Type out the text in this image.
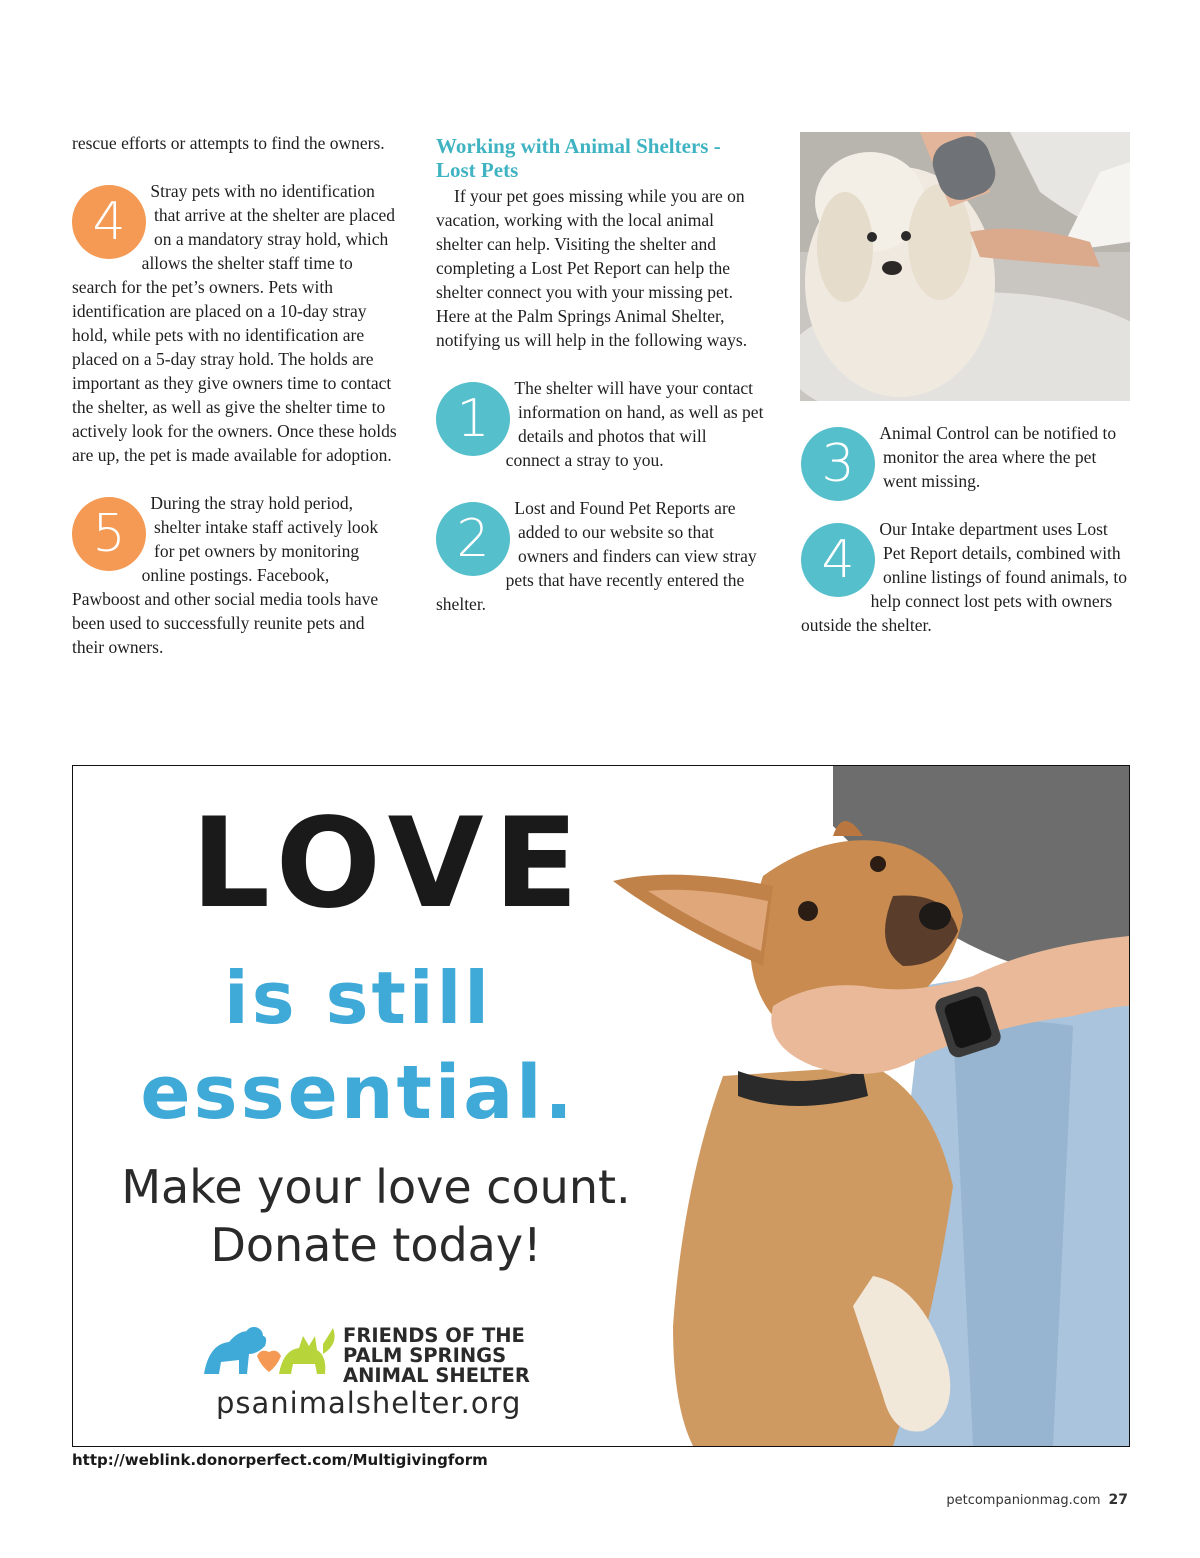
rescue efforts or attempts to find the owners.

4

Stray pets with no identification that arrive at the shelter are placed on a mandatory stray hold, which allows the shelter staff time to search for the pet’s owners. Pets with identification are placed on a 10-day stray hold, while pets with no identification are placed on a 5-day stray hold. The holds are important as they give owners time to contact the shelter, as well as give the shelter time to actively look for the owners. Once these holds are up, the pet is made available for adoption.

5

During the stray hold period, shelter intake staff actively look for pet owners by monitoring online postings. Facebook, Pawboost and other social media tools have been used to successfully reunite pets and their owners.

Working with Animal Shelters - Lost Pets

If your pet goes missing while you are on vacation, working with the local animal shelter can help. Visiting the shelter and completing a Lost Pet Report can help the shelter connect you with your missing pet. Here at the Palm Springs Animal Shelter, notifying us will help in the following ways.

1

The shelter will have your contact information on hand, as well as pet details and photos that will connect a stray to you.

2

Lost and Found Pet Reports are added to our website so that owners and finders can view stray pets that have recently entered the shelter.

3

Animal Control can be notified to monitor the area where the pet went missing.

4

Our Intake department uses Lost Pet Report details, combined with online listings of found animals, to help connect lost pets with owners outside the shelter.

LOVE

is still

essential.

Make your love count.
Donate today!
FRIENDS OF THE
PALM SPRINGS
ANIMAL SHELTER
psanimalshelter.org
http://weblink.donorperfect.com/Multigivingform
petcompanionmag.com 27
